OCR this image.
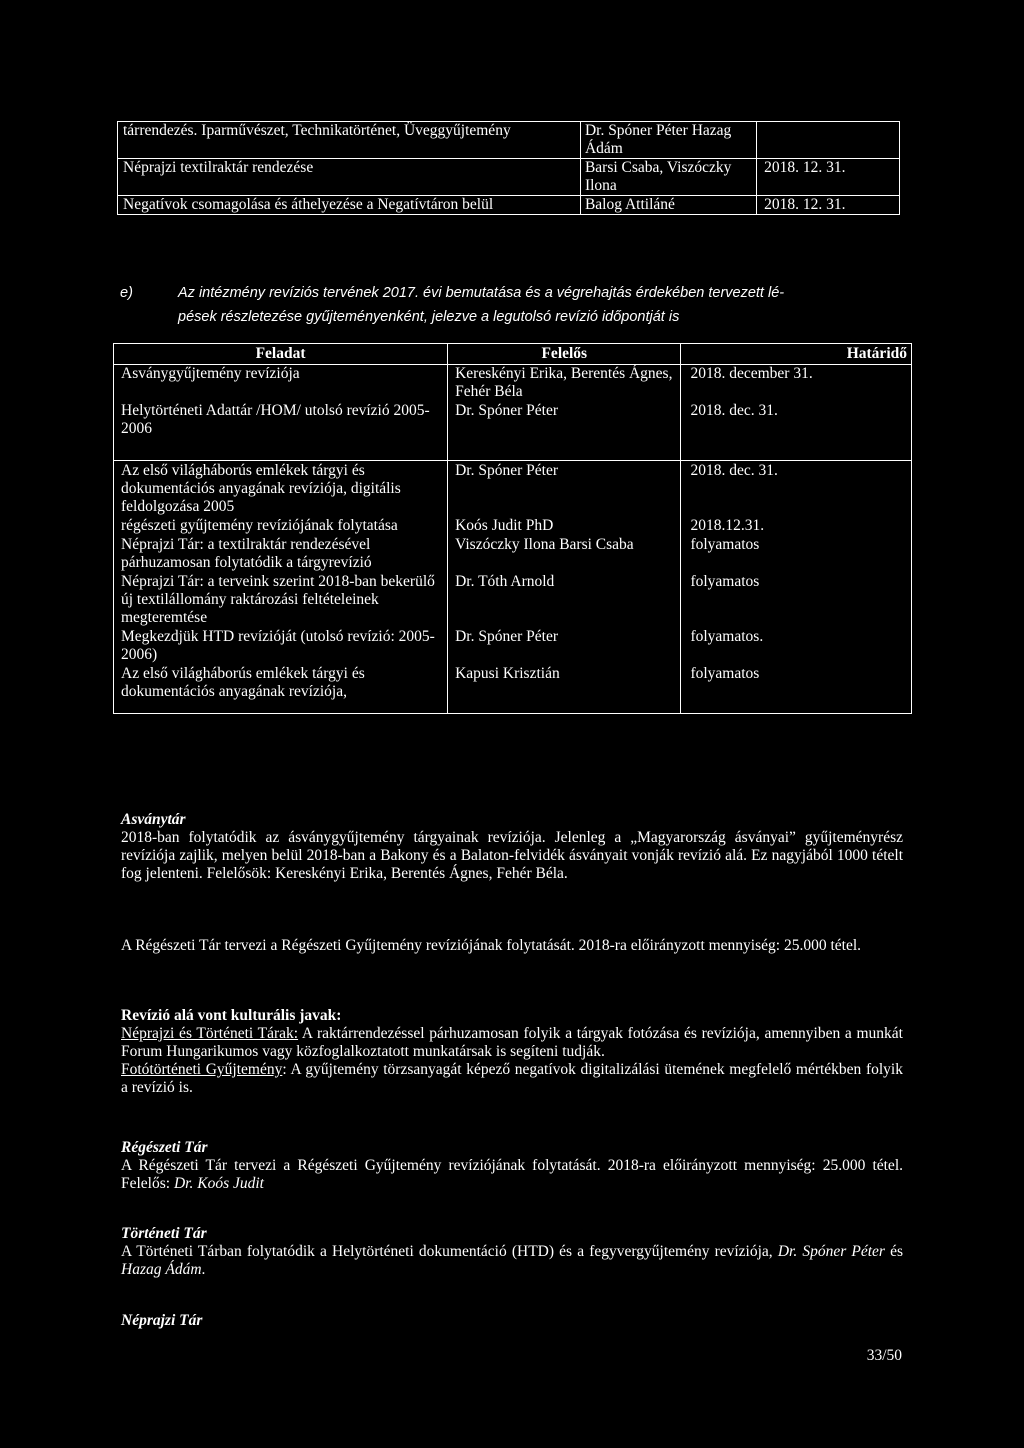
tárrendezés. Iparművészet, Technikatörténet, Üveggyűjtemény	Dr. Spóner Péter Hazag Ádám	
Néprajzi textilraktár rendezése	Barsi Csaba, Viszóczky Ilona	2018. 12. 31.
Negatívok csomagolása és áthelyezése a Negatívtáron belül	Balog Attiláné	2018. 12. 31.
e)	Az intézmény revíziós tervének 2017. évi bemutatása és a végrehajtás érdekében tervezett lé-
pések részletezése gyűjteményenként, jelezve a legutolsó revízió időpontját is
Feladat	Felelős	Határidő
Asványgyűjtemény revíziója	Kereskényi Erika, Berentés Ágnes, Fehér Béla	2018. december 31.
Helytörténeti Adattár /HOM/ utolsó revízió 2005-2006	Dr. Spóner Péter	2018. dec. 31.
Az első világháborús emlékek tárgyi és dokumentációs anyagának revíziója, digitális feldolgozása 2005	Dr. Spóner Péter	2018. dec. 31.
régészeti gyűjtemény revíziójának folytatása	Koós Judit PhD	2018.12.31.
Néprajzi Tár: a textilraktár rendezésével párhuzamosan folytatódik a tárgyrevízió	Viszóczky Ilona Barsi Csaba	folyamatos
Néprajzi Tár: a terveink szerint 2018-ban bekerülő új textilállomány raktározási feltételeinek megteremtése	Dr. Tóth Arnold	folyamatos
Megkezdjük HTD revízióját (utolsó revízió: 2005-2006)	Dr. Spóner Péter	folyamatos.
Az első világháborús emlékek tárgyi és dokumentációs anyagának revíziója,	Kapusi Krisztián	folyamatos

Asványtár

2018-ban folytatódik az ásványgyűjtemény tárgyainak revíziója. Jelenleg a „Magyarország ásványai” gyűjteményrész revíziója zajlik, melyen belül 2018-ban a Bakony és a Balaton-felvidék ásványait vonják revízió alá. Ez nagyjából 1000 tételt fog jelenteni. Felelősök: Kereskényi Erika, Berentés Ágnes, Fehér Béla.

A Régészeti Tár tervezi a Régészeti Gyűjtemény revíziójának folytatását. 2018-ra előirányzott mennyiség: 25.000 tétel.

Revízió alá vont kulturális javak:

Néprajzi és Történeti Tárak: A raktárrendezéssel párhuzamosan folyik a tárgyak fotózása és revíziója, amennyiben a munkát Forum Hungarikumos vagy közfoglalkoztatott munkatársak is segíteni tudják.

Fotótörténeti Gyűjtemény: A gyűjtemény törzsanyagát képező negatívok digitalizálási ütemének megfelelő mértékben folyik a revízió is.

Régészeti Tár

A Régészeti Tár tervezi a Régészeti Gyűjtemény revíziójának folytatását. 2018-ra előirányzott mennyiség: 25.000 tétel. Felelős: Dr. Koós Judit

Történeti Tár

A Történeti Tárban folytatódik a Helytörténeti dokumentáció (HTD) és a fegyvergyűjtemény revíziója, Dr. Spóner Péter és Hazag Ádám.

Néprajzi Tár

33/50
